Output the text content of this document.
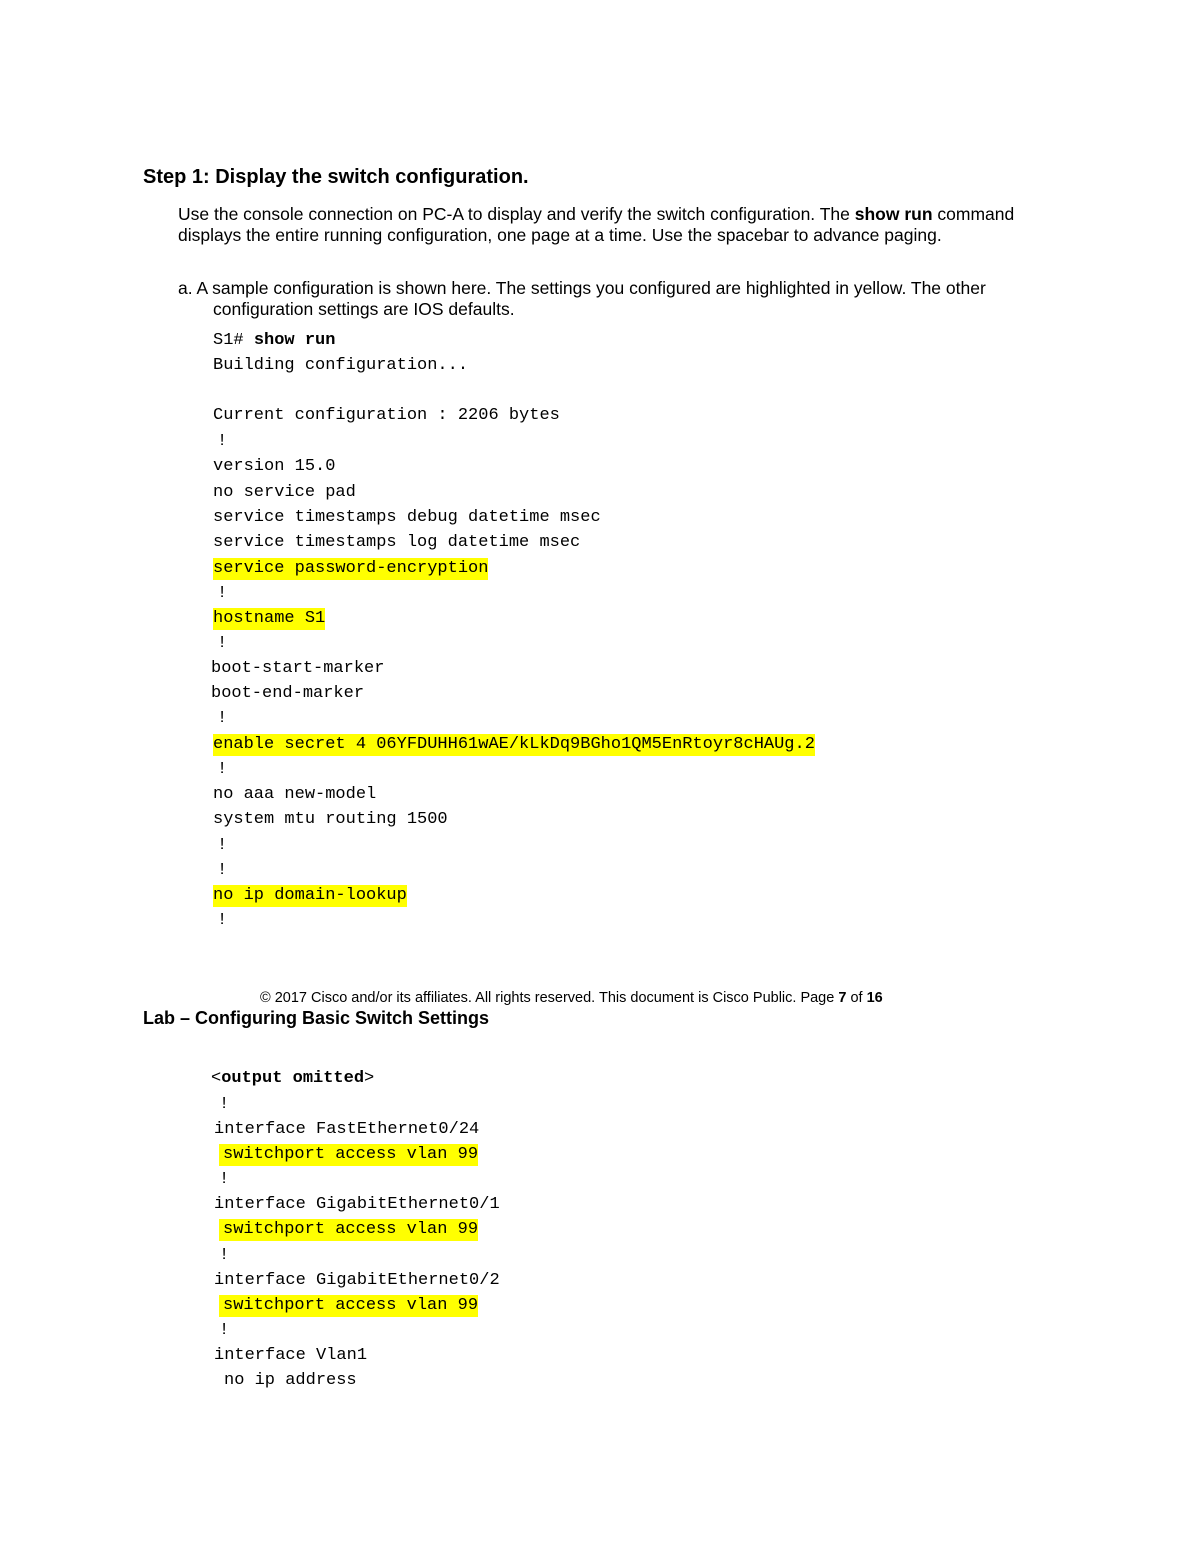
Step 1: Display the switch configuration.
Use the console connection on PC-A to display and verify the switch configuration. The show run command displays the entire running configuration, one page at a time. Use the spacebar to advance paging.
a. A sample configuration is shown here. The settings you configured are highlighted in yellow. The other configuration settings are IOS defaults.
S1# show run
Building configuration...
Current configuration : 2206 bytes
!
version 15.0
no service pad
service timestamps debug datetime msec
service timestamps log datetime msec
service password-encryption
!
hostname S1
!
boot-start-marker
boot-end-marker
!
enable secret 4 06YFDUHH61wAE/kLkDq9BGho1QM5EnRtoyr8cHAUg.2
!
no aaa new-model
system mtu routing 1500
!
!
no ip domain-lookup
!
© 2017 Cisco and/or its affiliates. All rights reserved. This document is Cisco Public. Page 7 of 16
Lab – Configuring Basic Switch Settings
<output omitted>
!
interface FastEthernet0/24
switchport access vlan 99
!
interface GigabitEthernet0/1
switchport access vlan 99
!
interface GigabitEthernet0/2
switchport access vlan 99
!
interface Vlan1
no ip address
